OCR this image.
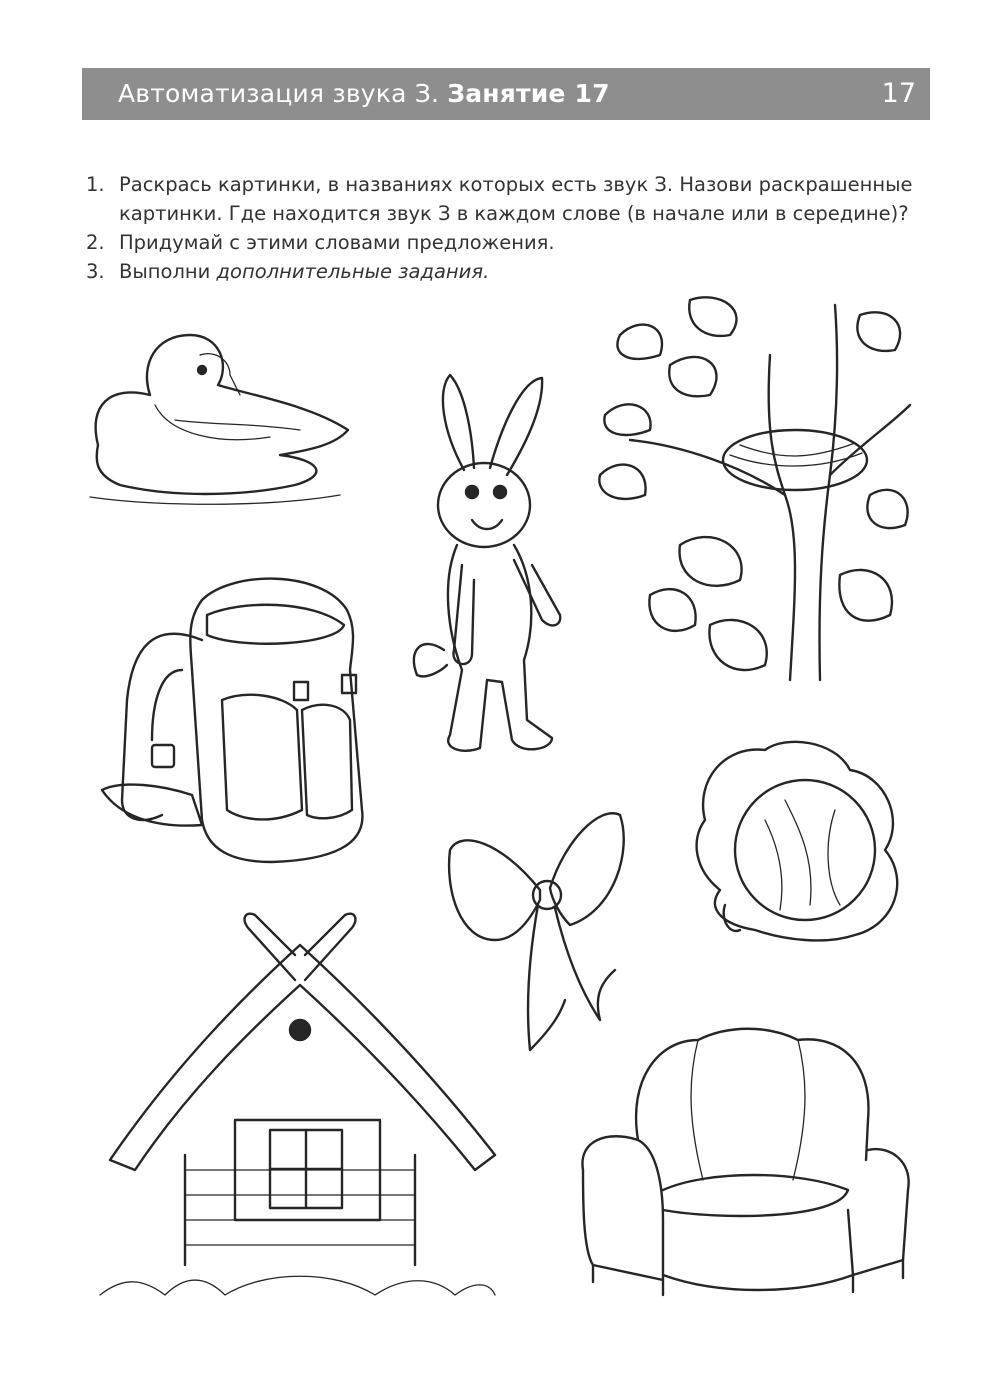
Автоматизация звука З. Занятие 17	17
1. Раскрась картинки, в названиях которых есть звук З. Назови раскрашенные картинки. Где находится звук З в каждом слове (в начале или в середине)?
2. Придумай с этими словами предложения.
3. Выполни дополнительные задания.
